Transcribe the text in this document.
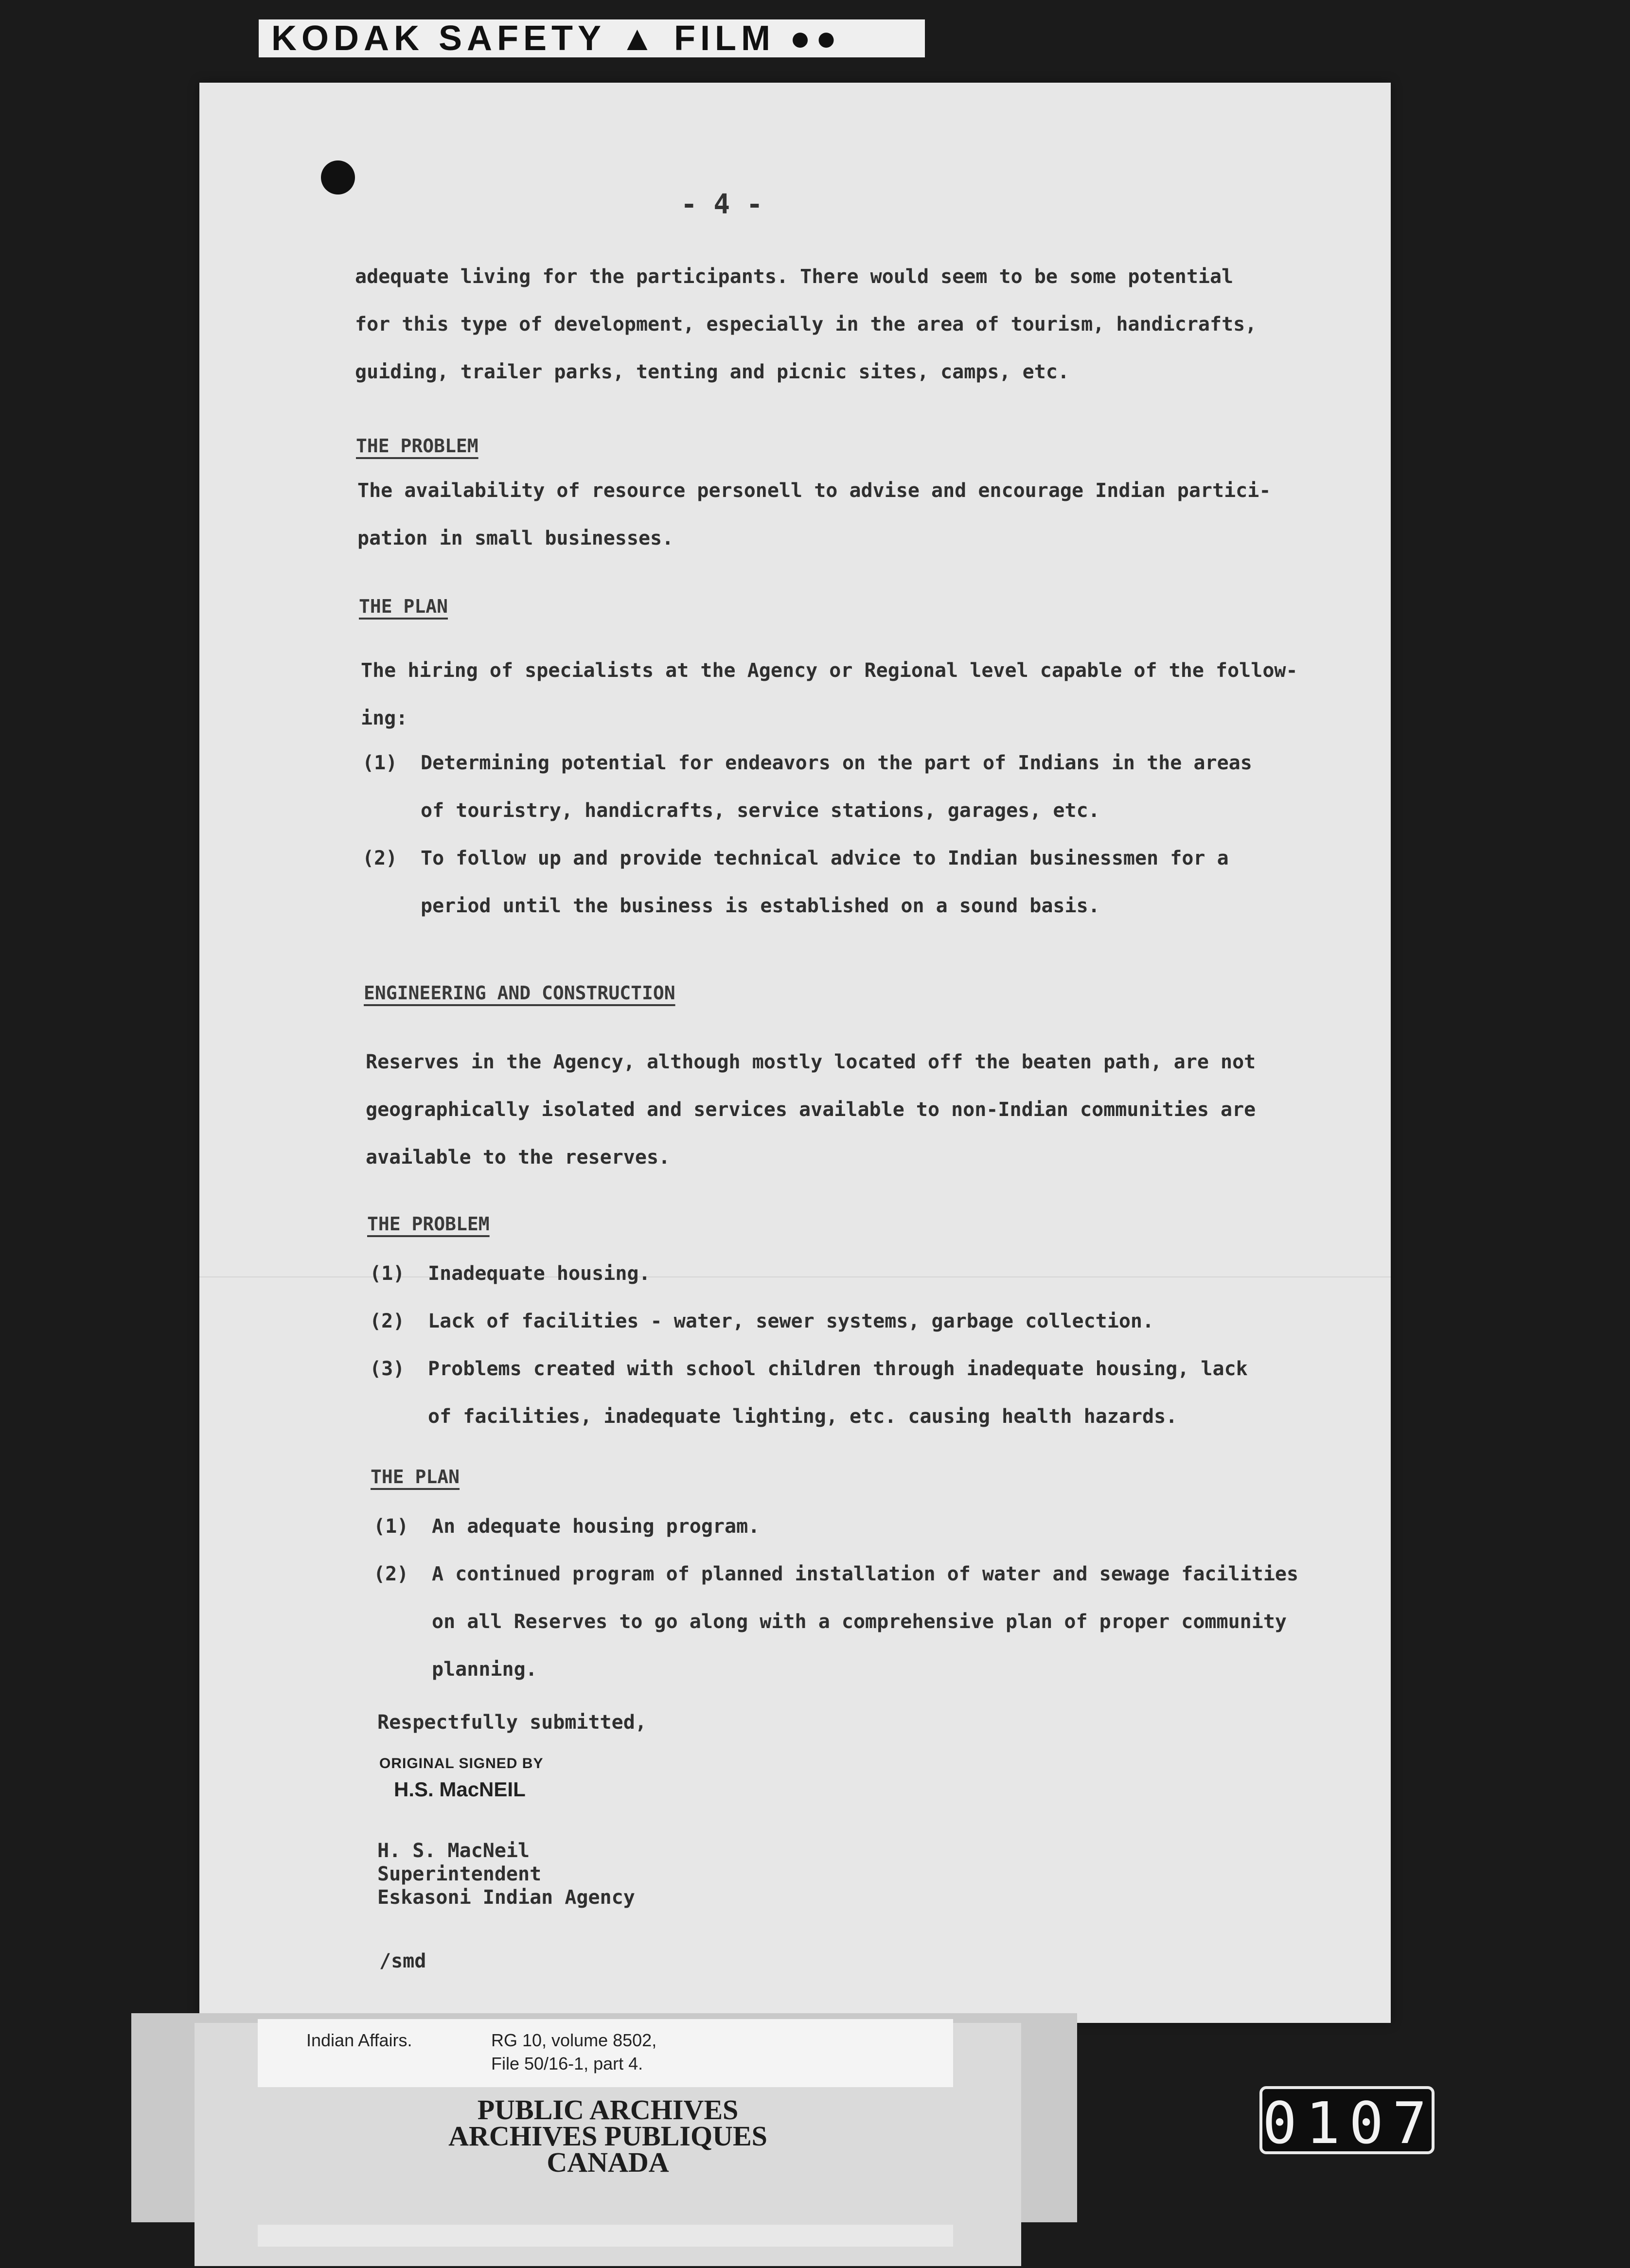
KODAK SAFETY ▲ FILM ●●
- 4 -
adequate living for the participants. There would seem to be some potential
for this type of development, especially in the area of tourism, handicrafts,
guiding, trailer parks, tenting and picnic sites, camps, etc.
THE PROBLEM
The availability of resource personell to advise and encourage Indian partici-
pation in small businesses.
THE PLAN
The hiring of specialists at the Agency or Regional level capable of the follow-
ing:
(1) Determining potential for endeavors on the part of Indians in the areas
of touristry, handicrafts, service stations, garages, etc.
(2) To follow up and provide technical advice to Indian businessmen for a
period until the business is established on a sound basis.
ENGINEERING AND CONSTRUCTION
Reserves in the Agency, although mostly located off the beaten path, are not
geographically isolated and services available to non-Indian communities are
available to the reserves.
THE PROBLEM
(1) Inadequate housing.
(2) Lack of facilities - water, sewer systems, garbage collection.
(3) Problems created with school children through inadequate housing, lack
of facilities, inadequate lighting, etc. causing health hazards.
THE PLAN
(1) An adequate housing program.
(2) A continued program of planned installation of water and sewage facilities
on all Reserves to go along with a comprehensive plan of proper community
planning.
Respectfully submitted,
ORIGINAL SIGNED BY
H.S. MacNEIL
H. S. MacNeil
Superintendent
Eskasoni Indian Agency
/smd
Indian Affairs.	RG 10, volume 8502,
File 50/16-1, part 4.
PUBLIC ARCHIVES
ARCHIVES PUBLIQUES
CANADA
0107
